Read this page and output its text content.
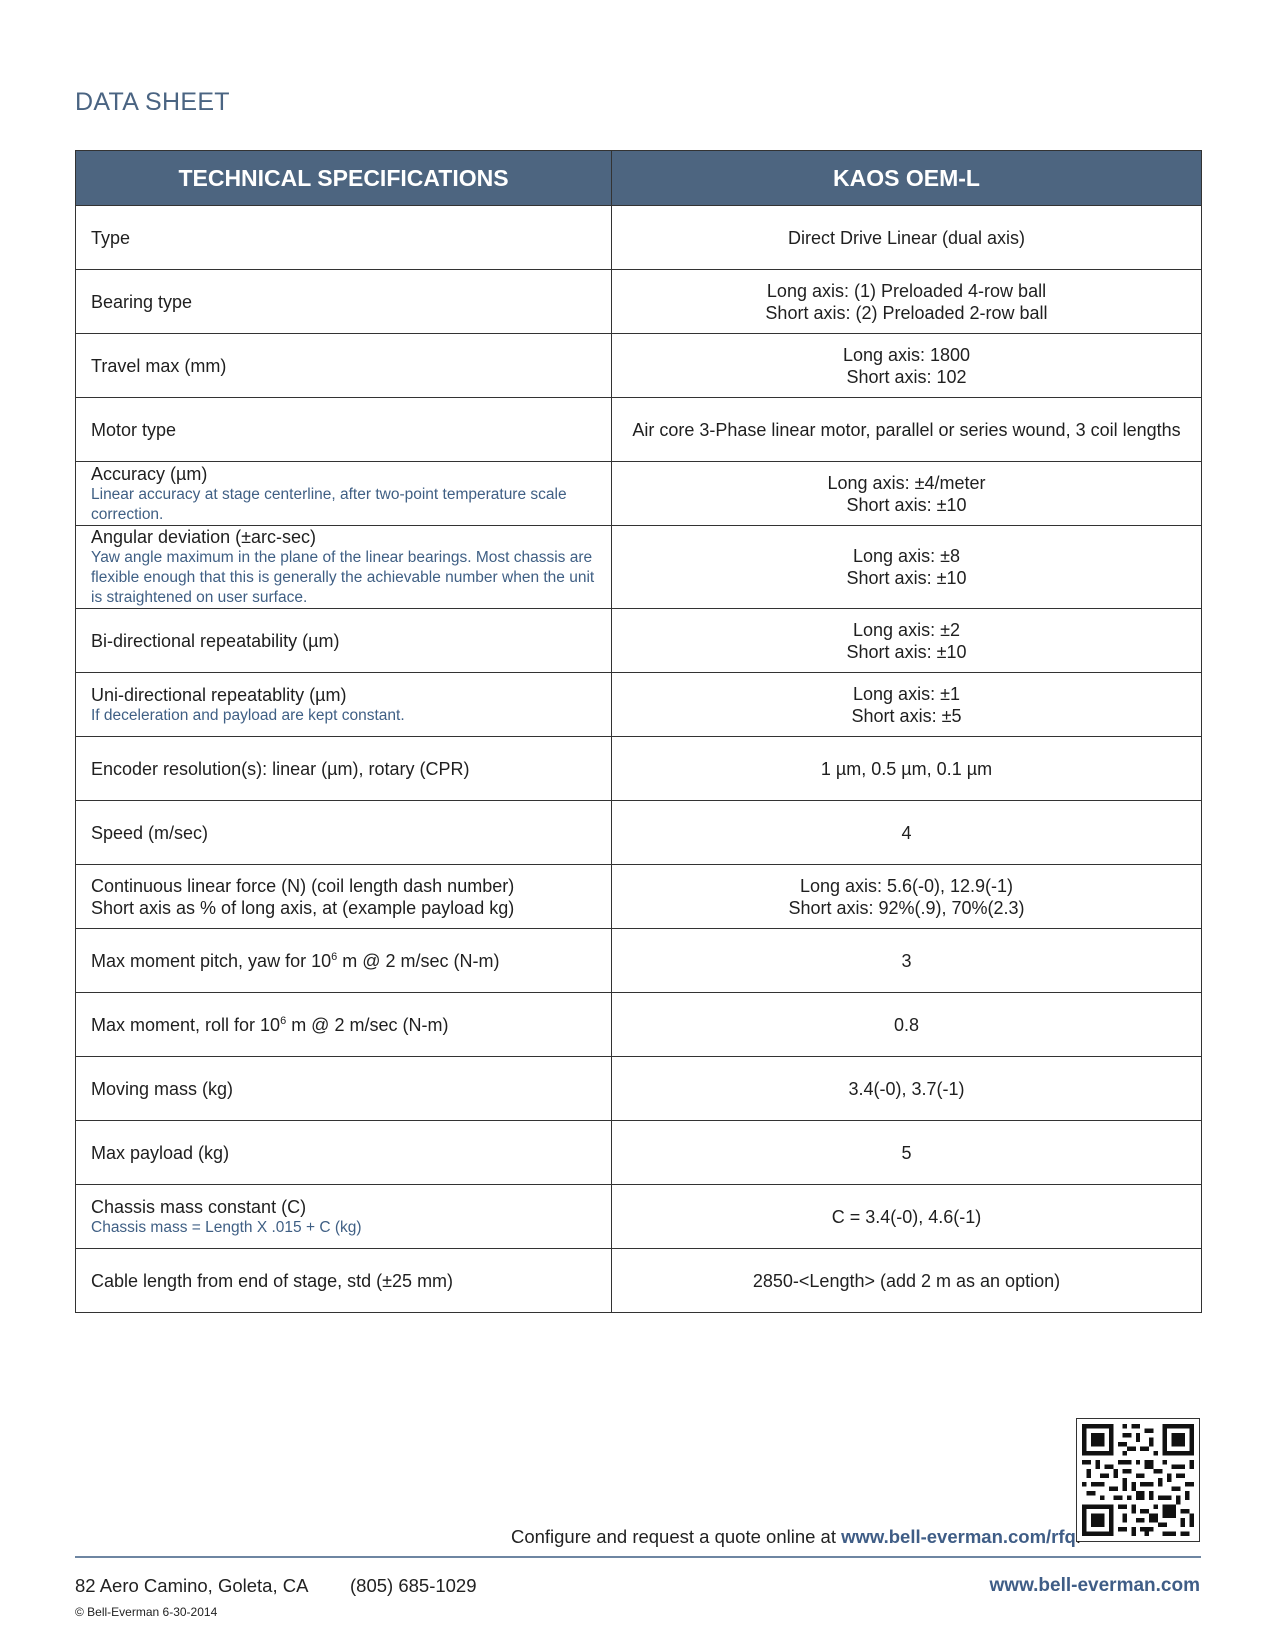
DATA SHEET
TECHNICAL SPECIFICATIONS	KAOS OEM-L

Type	Direct Drive Linear (dual axis)

Bearing type	Long axis: (1) Preloaded 4-row ball
Short axis: (2) Preloaded 2-row ball

Travel max (mm)	Long axis: 1800
Short axis: 102

Motor type	Air core 3-Phase linear motor, parallel or series wound, 3 coil lengths

Accuracy (µm)
Linear accuracy at stage centerline, after two-point temperature scale correction.	Long axis: ±4/meter
Short axis: ±10

Angular deviation (±arc-sec)
Yaw angle maximum in the plane of the linear bearings. Most chassis are flexible enough that this is generally the achievable number when the unit is straightened on user surface.	Long axis: ±8
Short axis: ±10

Bi-directional repeatability (µm)	Long axis: ±2
Short axis: ±10

Uni-directional repeatablity (µm)
If deceleration and payload are kept constant.	Long axis: ±1
Short axis: ±5

Encoder resolution(s): linear (µm), rotary (CPR)	1 µm, 0.5 µm, 0.1 µm

Speed (m/sec)	4

Continuous linear force (N) (coil length dash number)
Short axis as % of long axis, at (example payload kg)	Long axis: 5.6(-0), 12.9(-1)
Short axis: 92%(.9), 70%(2.3)

Max moment pitch, yaw for $10^6$ m @ 2 m/sec (N-m)	3

Max moment, roll for $10^6$ m @ 2 m/sec (N-m)	0.8

Moving mass (kg)	3.4(-0), 3.7(-1)

Max payload (kg)	5

Chassis mass constant (C)
Chassis mass = Length X .015 + C (kg)	C = 3.4(-0), 4.6(-1)

Cable length from end of stage, std (±25 mm)	2850-<Length> (add 2 m as an option)
Configure and request a quote online at www.bell-everman.com/rfq.
82 Aero Camino, Goleta, CA (805) 685-1029	www.bell-everman.com
© Bell-Everman 6-30-2014
